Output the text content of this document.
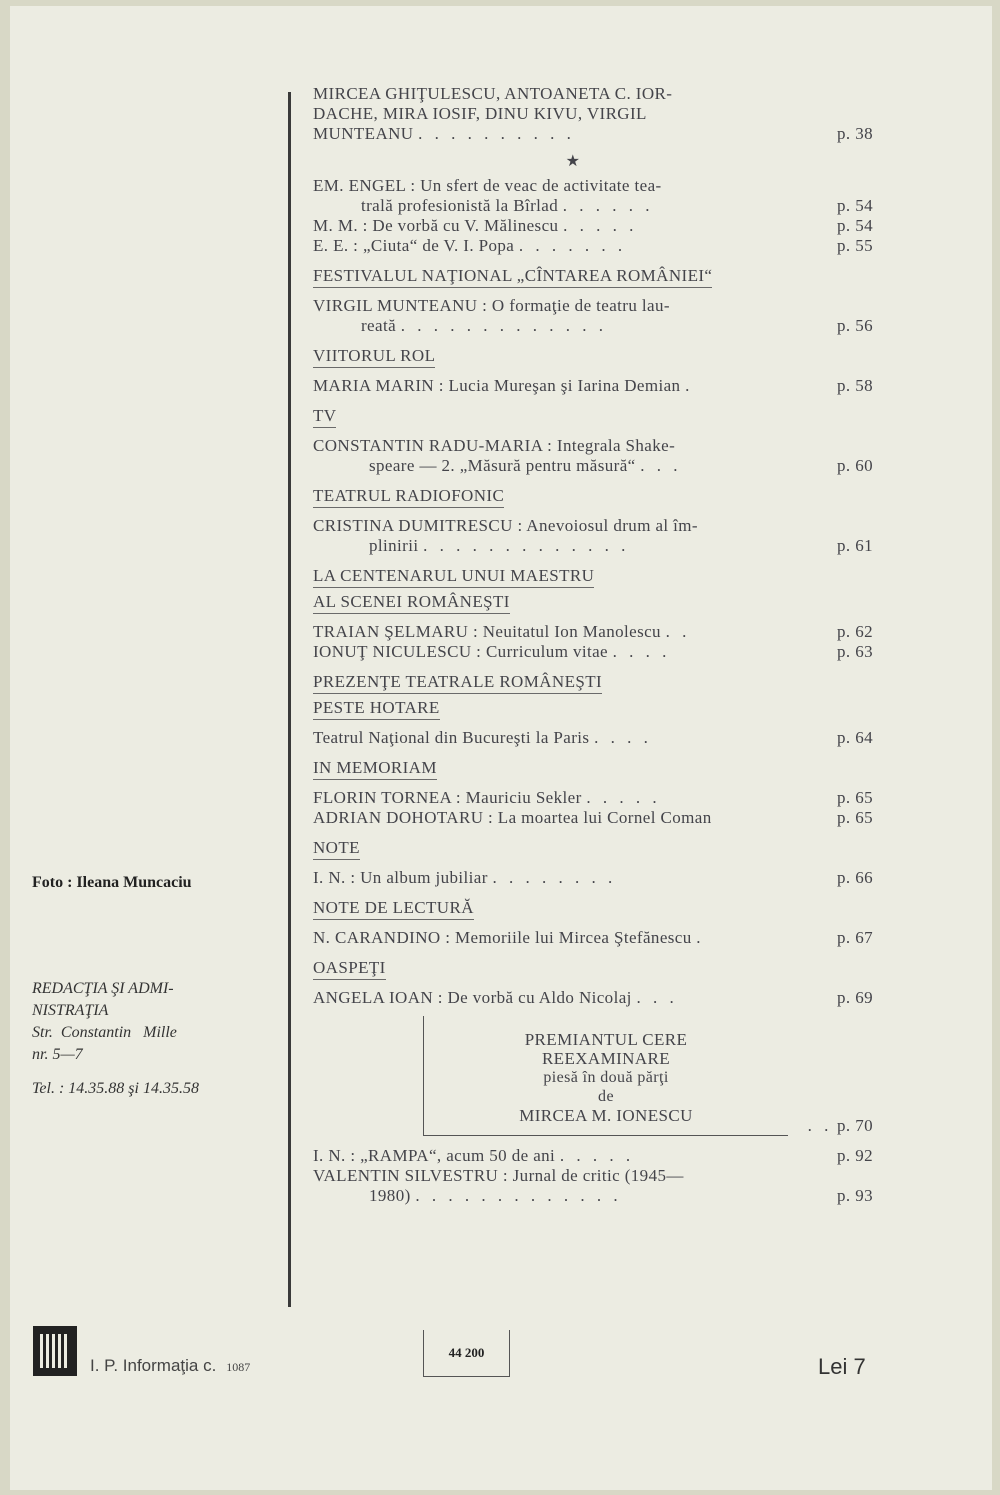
MIRCEA GHIŢULESCU, ANTOANETA C. IOR-
DACHE, MIRA IOSIF, DINU KIVU, VIRGIL
MUNTEANU . . . . . . . . . .	p. 38
★
EM. ENGEL : Un sfert de veac de activitate tea-
trală profesionistă la Bîrlad . . . . . .	p. 54
M. M. : De vorbă cu V. Mălinescu . . . . .	p. 54
E. E. : „Ciuta“ de V. I. Popa . . . . . . .	p. 55
FESTIVALUL NAŢIONAL „CÎNTAREA ROMÂNIEI“
VIRGIL MUNTEANU : O formaţie de teatru lau-
reată . . . . . . . . . . . . .	p. 56
VIITORUL ROL
MARIA MARIN : Lucia Mureşan şi Iarina Demian .	p. 58
TV
CONSTANTIN RADU-MARIA : Integrala Shake-
speare — 2. „Măsură pentru măsură“ . . .	p. 60
TEATRUL RADIOFONIC
CRISTINA DUMITRESCU : Anevoiosul drum al îm-
plinirii . . . . . . . . . . . . .	p. 61
LA CENTENARUL UNUI MAESTRU
AL SCENEI ROMÂNEŞTI
TRAIAN ŞELMARU : Neuitatul Ion Manolescu . .	p. 62
IONUŢ NICULESCU : Curriculum vitae . . . .	p. 63
PREZENŢE TEATRALE ROMÂNEŞTI
PESTE HOTARE
Teatrul Naţional din Bucureşti la Paris . . . .	p. 64
IN MEMORIAM
FLORIN TORNEA : Mauriciu Sekler . . . . .	p. 65
ADRIAN DOHOTARU : La moartea lui Cornel Coman	p. 65
NOTE
I. N. : Un album jubiliar . . . . . . . .	p. 66
NOTE DE LECTURĂ
N. CARANDINO : Memoriile lui Mircea Ştefănescu .	p. 67
OASPEŢI
ANGELA IOAN : De vorbă cu Aldo Nicolaj . . .	p. 69
PREMIANTUL CERE
REEXAMINARE
piesă în două părţi
de
MIRCEA M. IONESCU
. . p. 70
I. N. : „RAMPA“, acum 50 de ani . . . . .	p. 92
VALENTIN SILVESTRU : Jurnal de critic (1945—
1980) . . . . . . . . . . . . .	p. 93
Foto : Ileana Muncaciu
REDACŢIA ŞI ADMI-
NISTRAŢIA
Str.  Constantin   Mille
nr. 5—7
Tel. : 14.35.88 şi 14.35.58
I. P. Informaţia c. 1087
44 200
Lei 7
